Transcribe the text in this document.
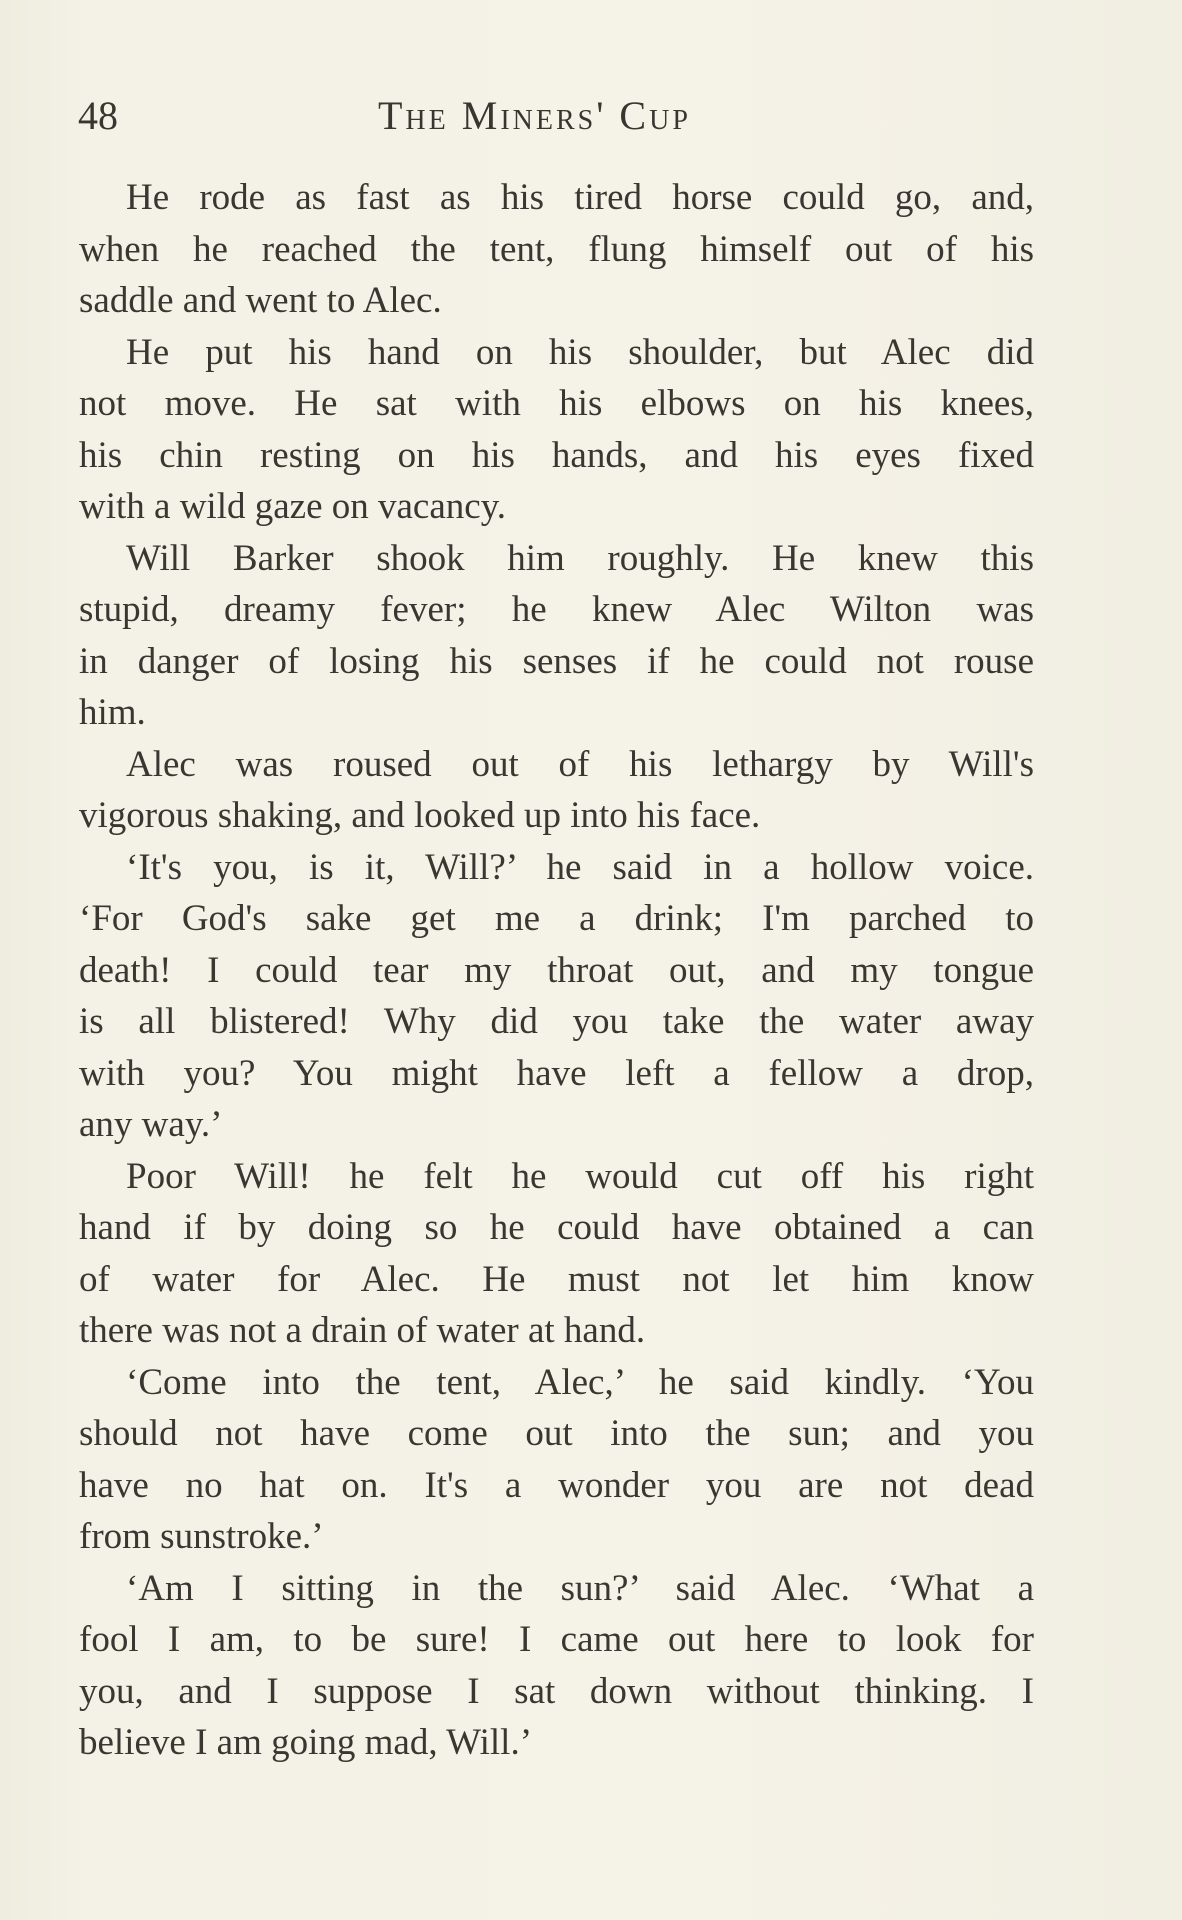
48	The Miners' Cup
He rode as fast as his tired horse could go, and,
when he reached the tent, flung himself out of his
saddle and went to Alec.
He put his hand on his shoulder, but Alec did
not move. He sat with his elbows on his knees,
his chin resting on his hands, and his eyes fixed
with a wild gaze on vacancy.
Will Barker shook him roughly. He knew this
stupid, dreamy fever; he knew Alec Wilton was
in danger of losing his senses if he could not rouse
him.
Alec was roused out of his lethargy by Will's
vigorous shaking, and looked up into his face.
‘It's you, is it, Will?’ he said in a hollow voice.
‘For God's sake get me a drink; I'm parched to
death! I could tear my throat out, and my tongue
is all blistered! Why did you take the water away
with you? You might have left a fellow a drop,
any way.’
Poor Will! he felt he would cut off his right
hand if by doing so he could have obtained a can
of water for Alec. He must not let him know
there was not a drain of water at hand.
‘Come into the tent, Alec,’ he said kindly. ‘You
should not have come out into the sun; and you
have no hat on. It's a wonder you are not dead
from sunstroke.’
‘Am I sitting in the sun?’ said Alec. ‘What a
fool I am, to be sure! I came out here to look for
you, and I suppose I sat down without thinking. I
believe I am going mad, Will.’
